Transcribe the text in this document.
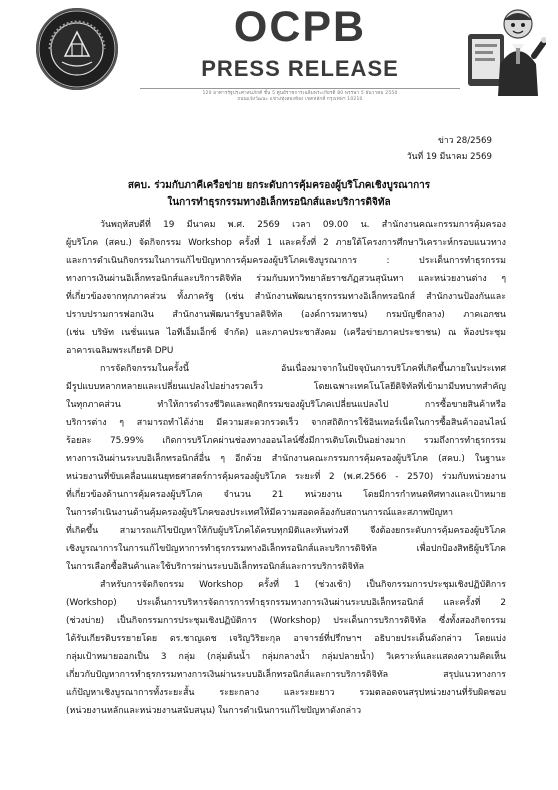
OCPB
PRESS RELEASE
120 อาคารรัฐประศาสนภักดี ชั้น 5 ศูนย์ราชการเฉลิมพระเกียรติ 80 พรรษา 5 ธันวาคม 2550
ถนนแจ้งวัฒนะ แขวงทุ่งสองห้อง เขตหลักสี่ กรุงเทพฯ 10210
ข่าว 28/2569
วันที่ 19 มีนาคม 2569
สคบ. ร่วมกับภาคีเครือข่าย ยกระดับการคุ้มครองผู้บริโภคเชิงบูรณาการ
ในการทำธุรกรรมทางอิเล็กทรอนิกส์และบริการดิจิทัล
วันพฤหัสบดีที่ 19 มีนาคม พ.ศ. 2569 เวลา 09.00 น. สำนักงานคณะกรรมการคุ้มครอง
ผู้บริโภค (สคบ.) จัดกิจกรรม Workshop ครั้งที่ 1 และครั้งที่ 2 ภายใต้โครงการศึกษาวิเคราะห์กรอบแนวทาง
และการดำเนินกิจกรรมในการแก้ไขปัญหาการคุ้มครองผู้บริโภคเชิงบูรณาการ : ประเด็นการทำธุรกรรม
ทางการเงินผ่านอิเล็กทรอนิกส์และบริการดิจิทัล ร่วมกับมหาวิทยาลัยราชภัฏสวนสุนันทา และหน่วยงานต่าง ๆ
ที่เกี่ยวข้องจากทุกภาคส่วน ทั้งภาครัฐ (เช่น สำนักงานพัฒนาธุรกรรมทางอิเล็กทรอนิกส์ สำนักงานป้องกันและ
ปราบปรามการฟอกเงิน สำนักงานพัฒนารัฐบาลดิจิทัล (องค์การมหาชน) กรมบัญชีกลาง) ภาคเอกชน
(เช่น บริษัท เนชั่นแนล ไอทีเอ็มเอ็กซ์ จำกัด) และภาคประชาสังคม (เครือข่ายภาคประชาชน) ณ ห้องประชุม
อาคารเฉลิมพระเกียรติ DPU
การจัดกิจกรรมในครั้งนี้ อันเนื่องมาจากในปัจจุบันการบริโภคที่เกิดขึ้นภายในประเทศ
มีรูปแบบหลากหลายและเปลี่ยนแปลงไปอย่างรวดเร็ว โดยเฉพาะเทคโนโลยีดิจิทัลที่เข้ามามีบทบาทสำคัญ
ในทุกภาคส่วน ทำให้การดำรงชีวิตและพฤติกรรมของผู้บริโภคเปลี่ยนแปลงไป การซื้อขายสินค้าหรือ
บริการต่าง ๆ สามารถทำได้ง่าย มีความสะดวกรวดเร็ว จากสถิติการใช้อินเทอร์เน็ตในการซื้อสินค้าออนไลน์
ร้อยละ 75.99% เกิดการบริโภคผ่านช่องทางออนไลน์ซึ่งมีการเติบโตเป็นอย่างมาก รวมถึงการทำธุรกรรม
ทางการเงินผ่านระบบอิเล็กทรอนิกส์อื่น ๆ อีกด้วย สำนักงานคณะกรรมการคุ้มครองผู้บริโภค (สคบ.) ในฐานะ
หน่วยงานที่ขับเคลื่อนแผนยุทธศาสตร์การคุ้มครองผู้บริโภค ระยะที่ 2 (พ.ศ.2566 - 2570) ร่วมกับหน่วยงาน
ที่เกี่ยวข้องด้านการคุ้มครองผู้บริโภค จำนวน 21 หน่วยงาน โดยมีการกำหนดทิศทางและเป้าหมาย
ในการดำเนินงานด้านคุ้มครองผู้บริโภคของประเทศให้มีความสอดคล้องกับสถานการณ์และสภาพปัญหา
ที่เกิดขึ้น สามารถแก้ไขปัญหาให้กับผู้บริโภคได้ครบทุกมิติและทันท่วงที จึงต้องยกระดับการคุ้มครองผู้บริโภค
เชิงบูรณาการในการแก้ไขปัญหาการทำธุรกรรมทางอิเล็กทรอนิกส์และบริการดิจิทัล เพื่อปกป้องสิทธิผู้บริโภค
ในการเลือกซื้อสินค้าและใช้บริการผ่านระบบอิเล็กทรอนิกส์และการบริการดิจิทัล
สำหรับการจัดกิจกรรม Workshop ครั้งที่ 1 (ช่วงเช้า) เป็นกิจกรรมการประชุมเชิงปฏิบัติการ
(Workshop) ประเด็นการบริหารจัดการการทำธุรกรรมทางการเงินผ่านระบบอิเล็กทรอนิกส์ และครั้งที่ 2
(ช่วงบ่าย) เป็นกิจกรรมการประชุมเชิงปฏิบัติการ (Workshop) ประเด็นการบริการดิจิทัล ซึ่งทั้งสองกิจกรรม
ได้รับเกียรติบรรยายโดย ดร.ชาญเดช เจริญวิริยะกุล อาจารย์ที่ปรึกษาฯ อธิบายประเด็นดังกล่าว โดยแบ่ง
กลุ่มเป้าหมายออกเป็น 3 กลุ่ม (กลุ่มต้นน้ำ กลุ่มกลางน้ำ กลุ่มปลายน้ำ) วิเคราะห์และแสดงความคิดเห็น
เกี่ยวกับปัญหาการทำธุรกรรมทางการเงินผ่านระบบอิเล็กทรอนิกส์และการบริการดิจิทัล สรุปแนวทางการ
แก้ปัญหาเชิงบูรณาการทั้งระยะสั้น ระยะกลาง และระยะยาว รวมตลอดจนสรุปหน่วยงานที่รับผิดชอบ
(หน่วยงานหลักและหน่วยงานสนับสนุน) ในการดำเนินการแก้ไขปัญหาดังกล่าว
